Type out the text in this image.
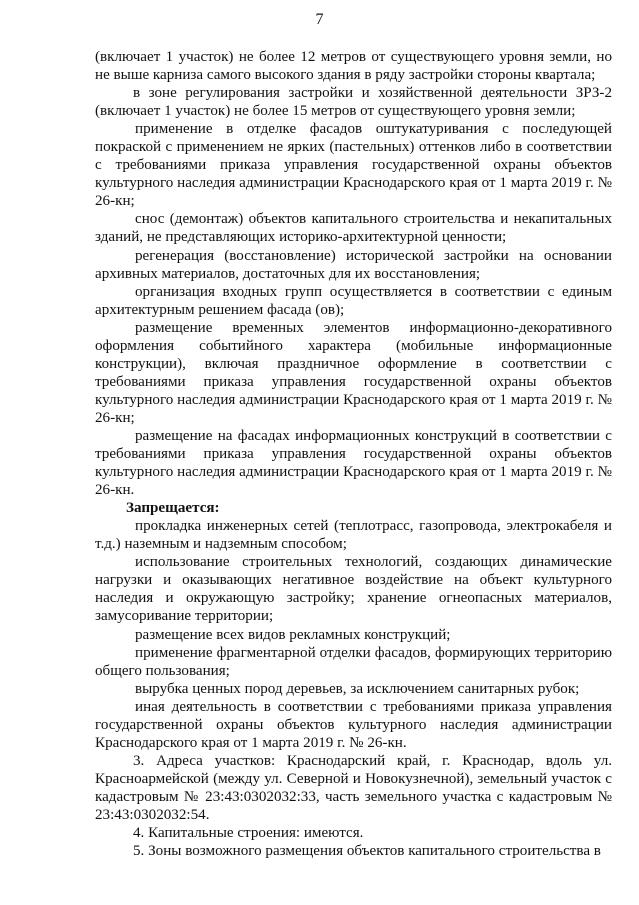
7

(включает 1 участок) не более 12 метров от существующего уровня земли, но не выше карниза самого высокого здания в ряду застройки стороны квартала;

в зоне регулирования застройки и хозяйственной деятельности ЗРЗ-2 (включает 1 участок) не более 15 метров от существующего уровня земли;

применение в отделке фасадов оштукатуривания с последующей покраской с применением не ярких (пастельных) оттенков либо в соответствии с требованиями приказа управления государственной охраны объектов культурного наследия администрации Краснодарского края от 1 марта 2019 г. № 26-кн;

снос (демонтаж) объектов капитального строительства и некапитальных зданий, не представляющих историко-архитектурной ценности;

регенерация (восстановление) исторической застройки на основании архивных материалов, достаточных для их восстановления;

организация входных групп осуществляется в соответствии с единым архитектурным решением фасада (ов);

размещение временных элементов информационно-декоративного оформления событийного характера (мобильные информационные конструкции), включая праздничное оформление в соответствии с требованиями приказа управления государственной охраны объектов культурного наследия администрации Краснодарского края от 1 марта 2019 г. № 26-кн;

размещение на фасадах информационных конструкций в соответствии с требованиями приказа управления государственной охраны объектов культурного наследия администрации Краснодарского края от 1 марта 2019 г. № 26-кн.

Запрещается:

прокладка инженерных сетей (теплотрасс, газопровода, электрокабеля и т.д.) наземным и надземным способом;

использование строительных технологий, создающих динамические нагрузки и оказывающих негативное воздействие на объект культурного наследия и окружающую застройку; хранение огнеопасных материалов, замусоривание территории;

размещение всех видов рекламных конструкций;

применение фрагментарной отделки фасадов, формирующих территорию общего пользования;

вырубка ценных пород деревьев, за исключением санитарных рубок;

иная деятельность в соответствии с требованиями приказа управления государственной охраны объектов культурного наследия администрации Краснодарского края от 1 марта 2019 г. № 26-кн.

3. Адреса участков: Краснодарский край, г. Краснодар, вдоль ул. Красноармейской (между ул. Северной и Новокузнечной), земельный участок с кадастровым № 23:43:0302032:33, часть земельного участка с кадастровым № 23:43:0302032:54.

4. Капитальные строения: имеются.

5. Зоны возможного размещения объектов капитального строительства в
